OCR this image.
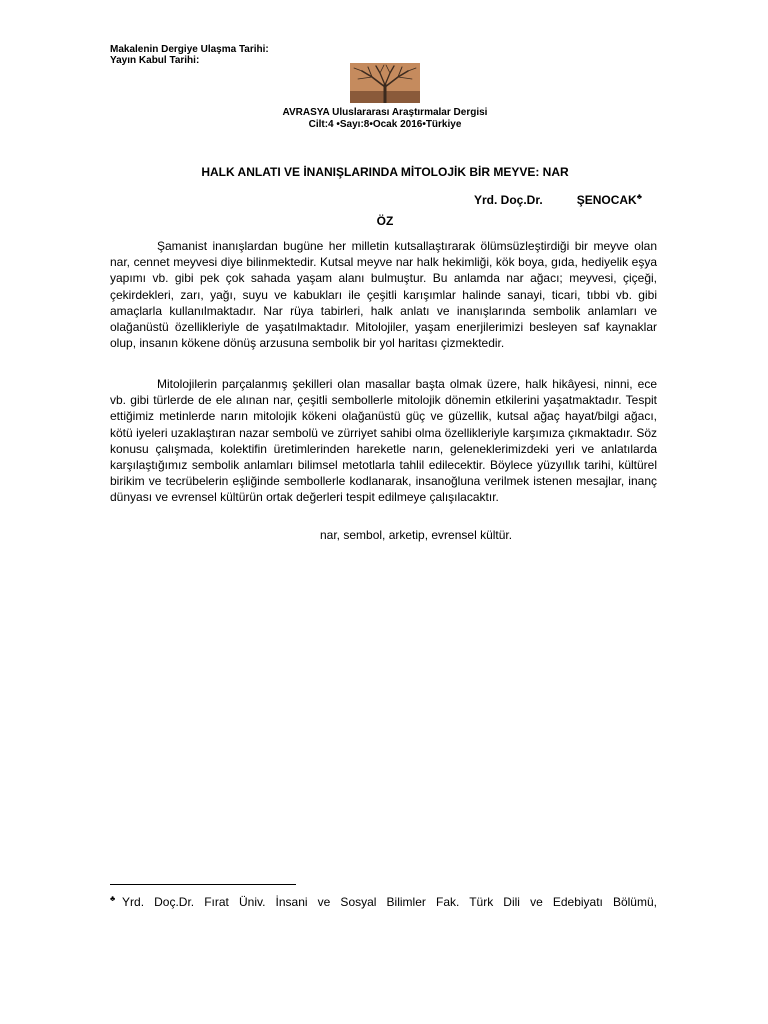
Makalenin Dergiye Ulaşma Tarihi:
Yayın Kabul Tarihi:
AVRASYA Uluslararası Araştırmalar Dergisi
Cilt:4 •Sayı:8•Ocak 2016•Türkiye
HALK ANLATI VE İNANIŞLARINDA MİTOLOJİK BİR MEYVE: NAR
Yrd. Doç.Dr.	ŞENOCAK♣
ÖZ
Şamanist inanışlardan bugüne her milletin kutsallaştırarak ölümsüzleştirdiği bir meyve olan nar, cennet meyvesi diye bilinmektedir. Kutsal meyve nar halk hekimliği, kök boya, gıda, hediyelik eşya yapımı vb. gibi pek çok sahada yaşam alanı bulmuştur. Bu anlamda nar ağacı; meyvesi, çiçeği, çekirdekleri, zarı, yağı, suyu ve kabukları ile çeşitli karışımlar halinde sanayi, ticari, tıbbi vb. gibi amaçlarla kullanılmaktadır. Nar rüya tabirleri, halk anlatı ve inanışlarında sembolik anlamları ve olağanüstü özellikleriyle de yaşatılmaktadır. Mitolojiler, yaşam enerjilerimizi besleyen saf kaynaklar olup, insanın kökene dönüş arzusuna sembolik bir yol haritası çizmektedir.
Mitolojilerin parçalanmış şekilleri olan masallar başta olmak üzere, halk hikâyesi, ninni, ece vb. gibi türlerde de ele alınan nar, çeşitli sembollerle mitolojik dönemin etkilerini yaşatmaktadır. Tespit ettiğimiz metinlerde narın mitolojik kökeni olağanüstü güç ve güzellik, kutsal ağaç hayat/bilgi ağacı, kötü iyeleri uzaklaştıran nazar sembolü ve zürriyet sahibi olma özellikleriyle karşımıza çıkmaktadır. Söz konusu çalışmada, kolektifin üretimlerinden hareketle narın, geleneklerimizdeki yeri ve anlatılarda karşılaştığımız sembolik anlamları bilimsel metotlarla tahlil edilecektir. Böylece yüzyıllık tarihi, kültürel birikim ve tecrübelerin eşliğinde sembollerle kodlanarak, insanoğluna verilmek istenen mesajlar, inanç dünyası ve evrensel kültürün ortak değerleri tespit edilmeye çalışılacaktır.
nar, sembol, arketip, evrensel kültür.
♣Yrd. Doç.Dr. Fırat Üniv. İnsani ve Sosyal Bilimler Fak. Türk Dili ve Edebiyatı Bölümü,
